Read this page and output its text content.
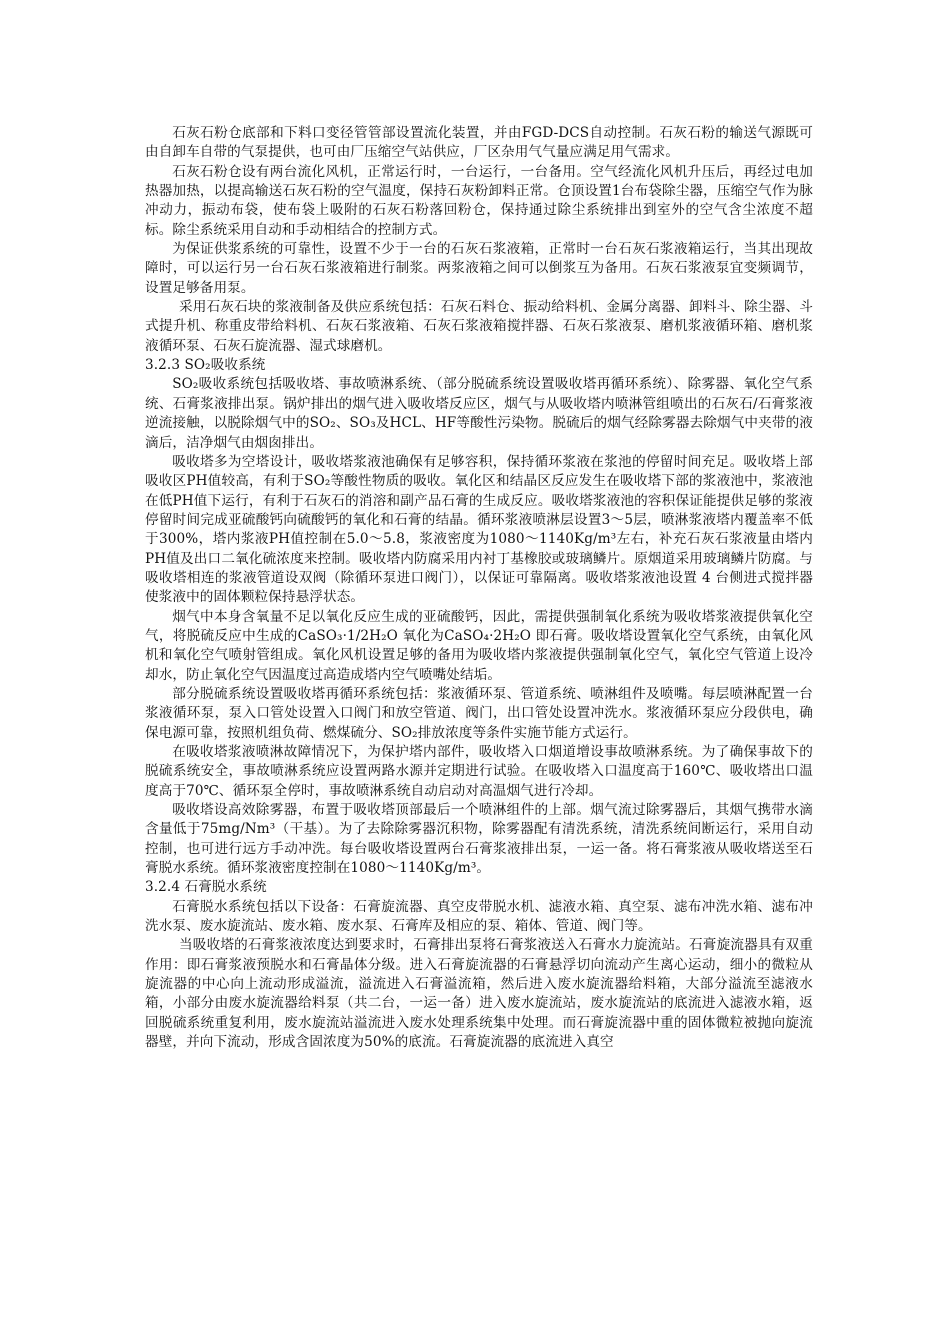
石灰石粉仓底部和下料口变径管管部设置流化装置，并由FGD-DCS自动控制。石灰石粉的输送气源既可由自卸车自带的气泵提供，也可由厂压缩空气站供应，厂区杂用气气量应满足用气需求。

石灰石粉仓设有两台流化风机，正常运行时，一台运行，一台备用。空气经流化风机升压后，再经过电加热器加热，以提高输送石灰石粉的空气温度，保持石灰粉卸料正常。仓顶设置1台布袋除尘器，压缩空气作为脉冲动力，振动布袋，使布袋上吸附的石灰石粉落回粉仓，保持通过除尘系统排出到室外的空气含尘浓度不超标。除尘系统采用自动和手动相结合的控制方式。

为保证供浆系统的可靠性，设置不少于一台的石灰石浆液箱，正常时一台石灰石浆液箱运行，当其出现故障时，可以运行另一台石灰石浆液箱进行制浆。两浆液箱之间可以倒浆互为备用。石灰石浆液泵宜变频调节，设置足够备用泵。

采用石灰石块的浆液制备及供应系统包括：石灰石料仓、振动给料机、金属分离器、卸料斗、除尘器、斗式提升机、称重皮带给料机、石灰石浆液箱、石灰石浆液箱搅拌器、石灰石浆液泵、磨机浆液循环箱、磨机浆液循环泵、石灰石旋流器、湿式球磨机。

3.2.3 SO₂吸收系统

SO₂吸收系统包括吸收塔、事故喷淋系统、（部分脱硫系统设置吸收塔再循环系统）、除雾器、氧化空气系统、石膏浆液排出泵。锅炉排出的烟气进入吸收塔反应区，烟气与从吸收塔内喷淋管组喷出的石灰石/石膏浆液逆流接触，以脱除烟气中的SO₂、SO₃及HCL、HF等酸性污染物。脱硫后的烟气经除雾器去除烟气中夹带的液滴后，洁净烟气由烟囱排出。

吸收塔多为空塔设计，吸收塔浆液池确保有足够容积，保持循环浆液在浆池的停留时间充足。吸收塔上部吸收区PH值较高，有利于SO₂等酸性物质的吸收。氧化区和结晶区反应发生在吸收塔下部的浆液池中，浆液池在低PH值下运行，有利于石灰石的消溶和副产品石膏的生成反应。吸收塔浆液池的容积保证能提供足够的浆液停留时间完成亚硫酸钙向硫酸钙的氧化和石膏的结晶。循环浆液喷淋层设置3～5层，喷淋浆液塔内覆盖率不低于300%，塔内浆液PH值控制在5.0～5.8，浆液密度为1080～1140Kg/m³左右，补充石灰石浆液量由塔内PH值及出口二氧化硫浓度来控制。吸收塔内防腐采用内衬丁基橡胶或玻璃鳞片。原烟道采用玻璃鳞片防腐。与吸收塔相连的浆液管道设双阀（除循环泵进口阀门），以保证可靠隔离。吸收塔浆液池设置 4 台侧进式搅拌器使浆液中的固体颗粒保持悬浮状态。

烟气中本身含氧量不足以氧化反应生成的亚硫酸钙，因此，需提供强制氧化系统为吸收塔浆液提供氧化空气，将脱硫反应中生成的CaSO₃·1/2H₂O 氧化为CaSO₄·2H₂O 即石膏。吸收塔设置氧化空气系统，由氧化风机和氧化空气喷射管组成。氧化风机设置足够的备用为吸收塔内浆液提供强制氧化空气，氧化空气管道上设冷却水，防止氧化空气因温度过高造成塔内空气喷嘴处结垢。

部分脱硫系统设置吸收塔再循环系统包括：浆液循环泵、管道系统、喷淋组件及喷嘴。每层喷淋配置一台浆液循环泵，泵入口管处设置入口阀门和放空管道、阀门，出口管处设置冲洗水。浆液循环泵应分段供电，确保电源可靠，按照机组负荷、燃煤硫分、SO₂排放浓度等条件实施节能方式运行。

在吸收塔浆液喷淋故障情况下，为保护塔内部件，吸收塔入口烟道增设事故喷淋系统。为了确保事故下的脱硫系统安全，事故喷淋系统应设置两路水源并定期进行试验。在吸收塔入口温度高于160℃、吸收塔出口温度高于70℃、循环泵全停时，事故喷淋系统自动启动对高温烟气进行冷却。

吸收塔设高效除雾器，布置于吸收塔顶部最后一个喷淋组件的上部。烟气流过除雾器后，其烟气携带水滴含量低于75mg/Nm³（干基）。为了去除除雾器沉积物，除雾器配有清洗系统，清洗系统间断运行，采用自动控制，也可进行远方手动冲洗。每台吸收塔设置两台石膏浆液排出泵，一运一备。将石膏浆液从吸收塔送至石膏脱水系统。循环浆液密度控制在1080～1140Kg/m³。

3.2.4 石膏脱水系统

石膏脱水系统包括以下设备：石膏旋流器、真空皮带脱水机、滤液水箱、真空泵、滤布冲洗水箱、滤布冲洗水泵、废水旋流站、废水箱、废水泵、石膏库及相应的泵、箱体、管道、阀门等。

当吸收塔的石膏浆液浓度达到要求时，石膏排出泵将石膏浆液送入石膏水力旋流站。石膏旋流器具有双重作用：即石膏浆液预脱水和石膏晶体分级。进入石膏旋流器的石膏悬浮切向流动产生离心运动，细小的微粒从旋流器的中心向上流动形成溢流，溢流进入石膏溢流箱，然后进入废水旋流器给料箱，大部分溢流至滤液水箱，小部分由废水旋流器给料泵（共二台，一运一备）进入废水旋流站，废水旋流站的底流进入滤液水箱，返回脱硫系统重复利用，废水旋流站溢流进入废水处理系统集中处理。而石膏旋流器中重的固体微粒被抛向旋流器壁，并向下流动，形成含固浓度为50%的底流。石膏旋流器的底流进入真空
